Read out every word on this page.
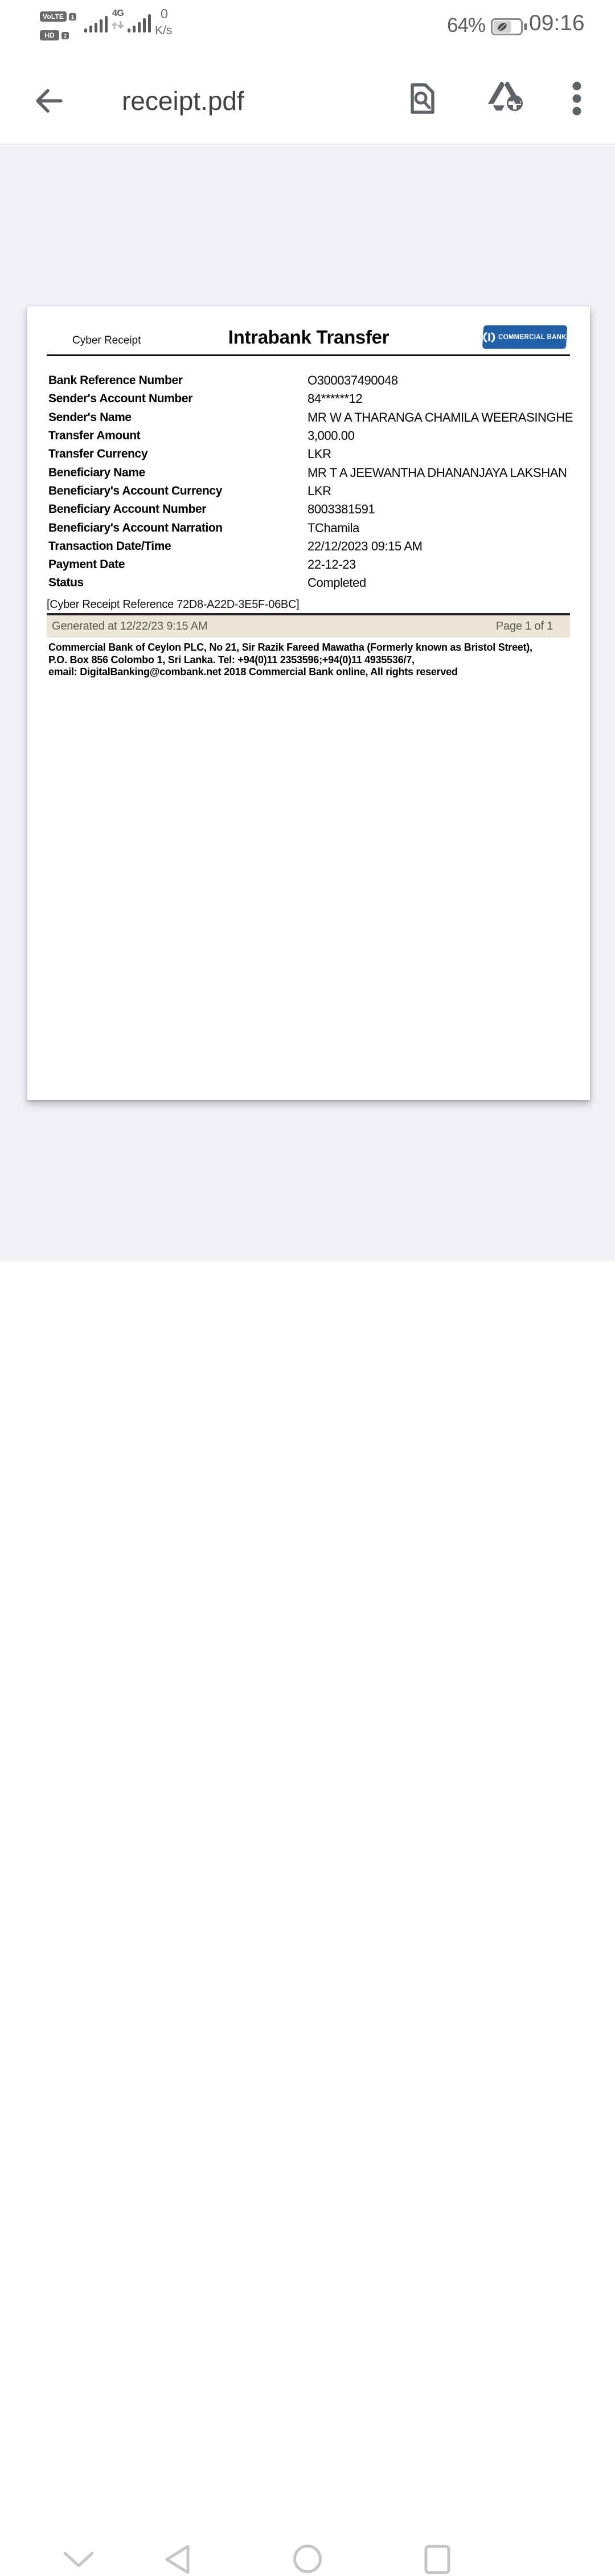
VoLTE	1
HD	2
4G	0
K/s	64% 09:16
receipt.pdf
Cyber Receipt	Intrabank Transfer	COMMERCIAL BANK
Bank Reference Number	O300037490048
Sender's Account Number	84******12
Sender's Name	MR W A THARANGA CHAMILA WEERASINGHE
Transfer Amount	3,000.00
Transfer Currency	LKR
Beneficiary Name	MR T A JEEWANTHA DHANANJAYA LAKSHAN
Beneficiary's Account Currency	LKR
Beneficiary Account Number	8003381591
Beneficiary's Account Narration	TChamila
Transaction Date/Time	22/12/2023 09:15 AM
Payment Date	22-12-23
Status	Completed
[Cyber Receipt Reference 72D8-A22D-3E5F-06BC]
Generated at 12/22/23 9:15 AM	Page 1 of 1
Commercial Bank of Ceylon PLC, No 21, Sir Razik Fareed Mawatha (Formerly known as Bristol Street),
P.O. Box 856 Colombo 1, Sri Lanka. Tel: +94(0)11 2353596;+94(0)11 4935536/7,
email: DigitalBanking@combank.net 2018 Commercial Bank online, All rights reserved
